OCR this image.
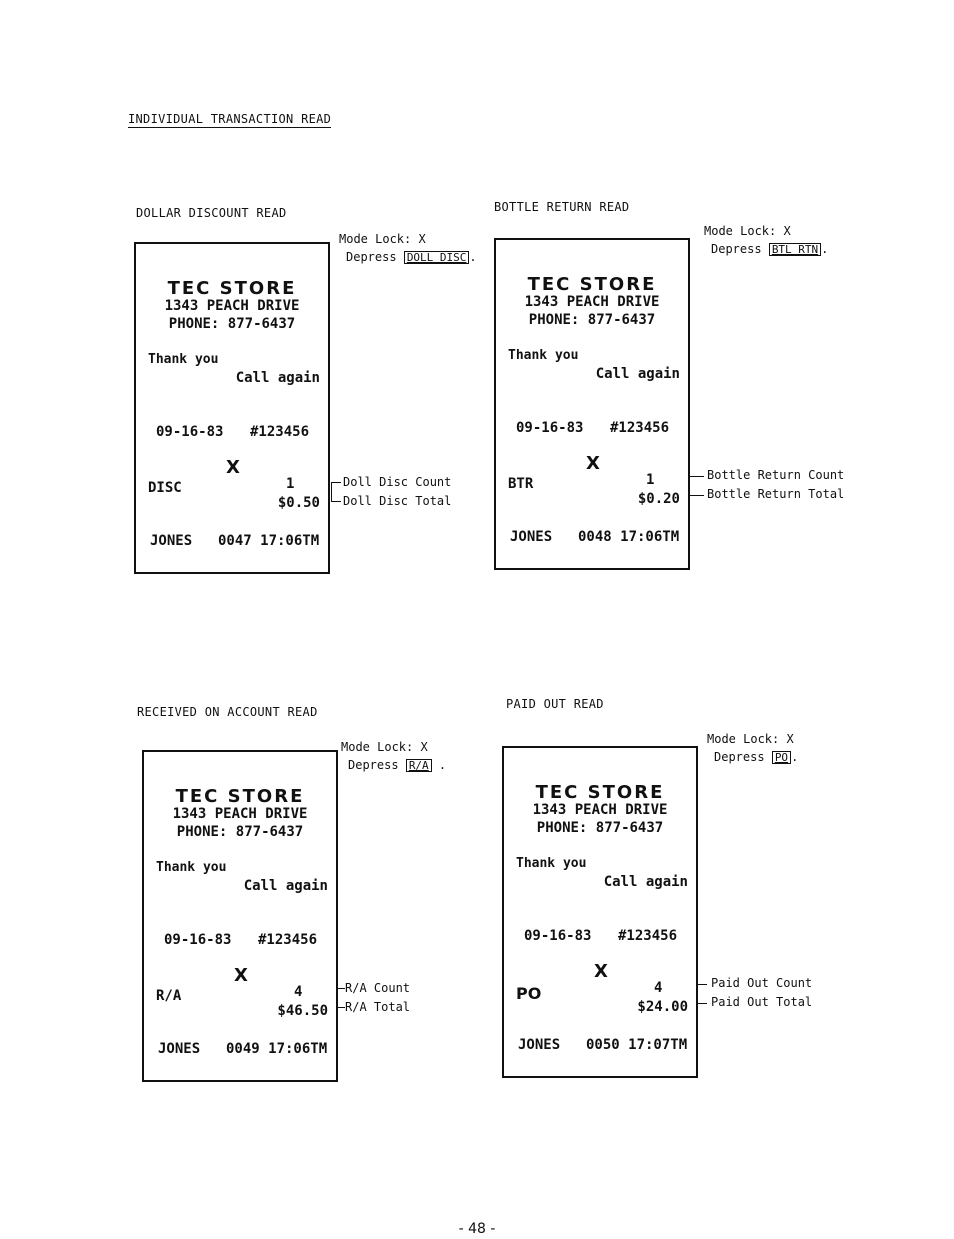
INDIVIDUAL TRANSACTION READ
DOLLAR DISCOUNT READ
Mode Lock: X
Depress DOLL DISC .
TEC STORE
1343 PEACH DRIVE
PHONE: 877-6437
Thank you
Call again
09-16-83 #123456
X
DISC	1
$0.50
JONES 0047 17:06TM
Doll Disc Count
Doll Disc Total
BOTTLE RETURN READ
Mode Lock: X
Depress BTL RTN .
TEC STORE
1343 PEACH DRIVE
PHONE: 877-6437
Thank you
Call again
09-16-83 #123456
X
BTR	1
$0.20
JONES 0048 17:06TM
Bottle Return Count
Bottle Return Total
RECEIVED ON ACCOUNT READ
Mode Lock: X
Depress R/A .
TEC STORE
1343 PEACH DRIVE
PHONE: 877-6437
Thank you
Call again
09-16-83 #123456
X
R/A	4
$46.50
JONES 0049 17:06TM
R/A Count
R/A Total
PAID OUT READ
Mode Lock: X
Depress PO .
TEC STORE
1343 PEACH DRIVE
PHONE: 877-6437
Thank you
Call again
09-16-83 #123456
X
PO	4
$24.00
JONES 0050 17:07TM
Paid Out Count
Paid Out Total
- 48 -
